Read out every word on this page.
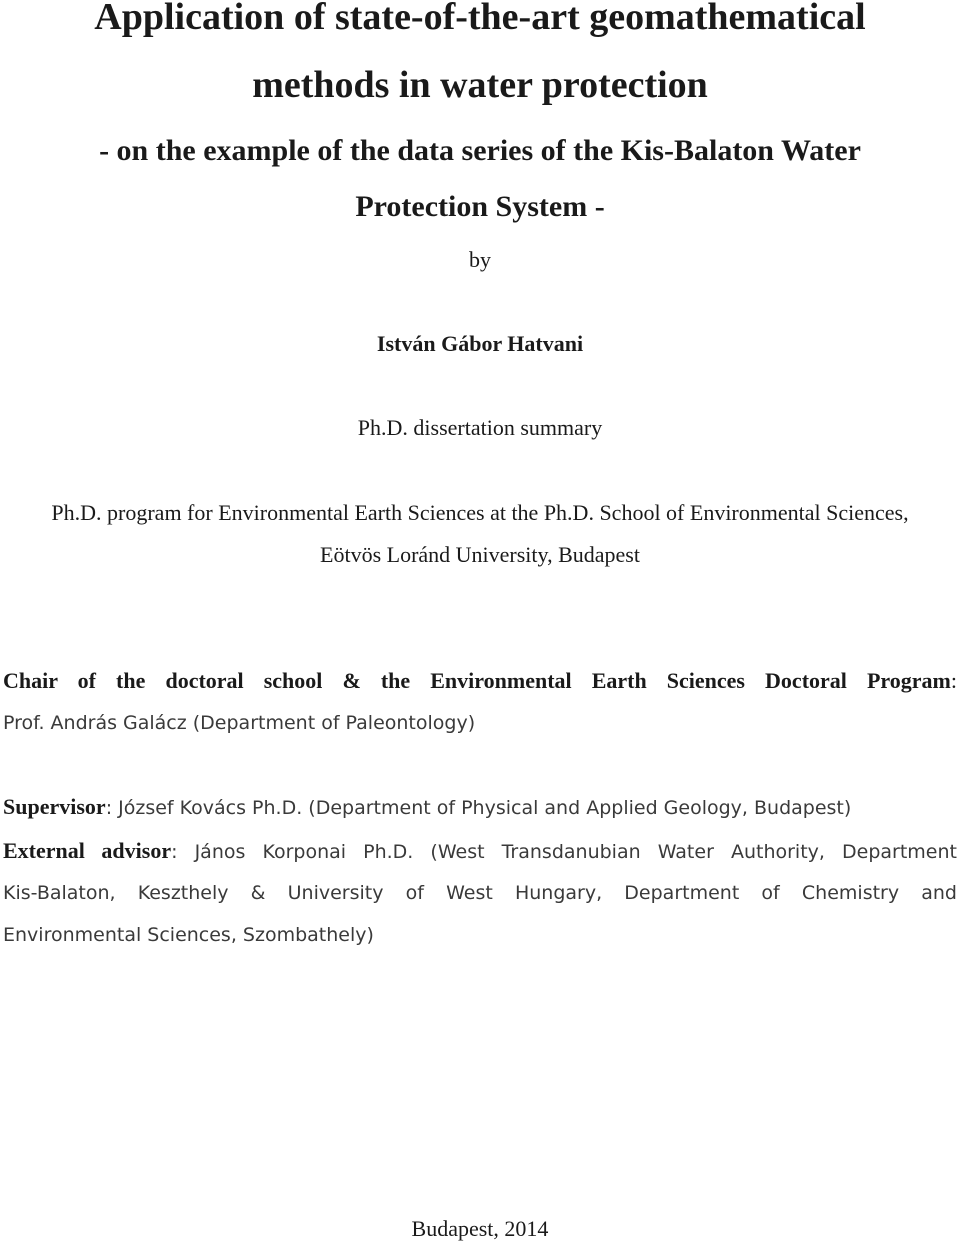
Application of state-of-the-art geomathematical
methods in water protection
- on the example of the data series of the Kis-Balaton Water
Protection System -
by
István Gábor Hatvani
Ph.D. dissertation summary
Ph.D. program for Environmental Earth Sciences at the Ph.D. School of Environmental Sciences,
Eötvös Loránd University, Budapest
Chair of the doctoral school & the Environmental Earth Sciences Doctoral Program:
Prof. András Galácz (Department of Paleontology)
Supervisor: József Kovács Ph.D. (Department of Physical and Applied Geology, Budapest)
External advisor: János Korponai Ph.D. (West Transdanubian Water Authority, Department
Kis-Balaton, Keszthely & University of West Hungary, Department of Chemistry and
Environmental Sciences, Szombathely)
Budapest, 2014
